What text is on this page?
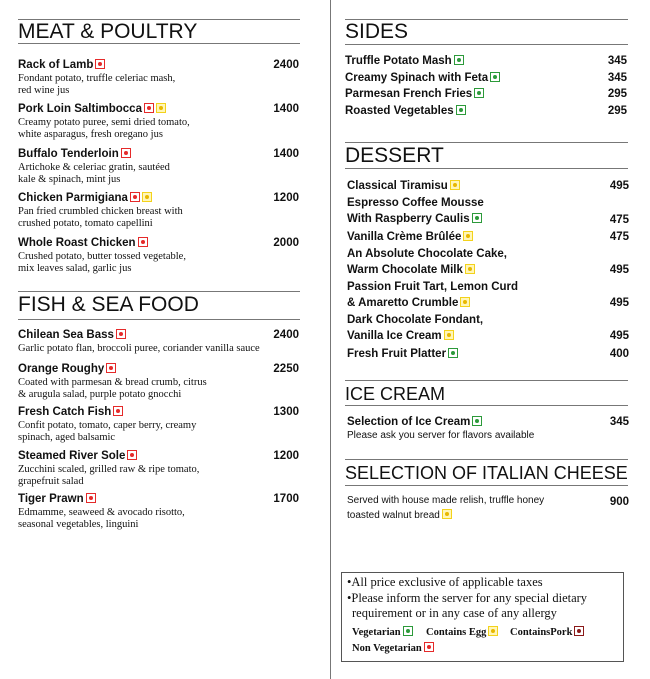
MEAT & POULTRY
Rack of Lamb	2400
Fondant potato, truffle celeriac mash,
red wine jus
Pork Loin Saltimbocca	1400
Creamy potato puree, semi dried tomato,
white asparagus, fresh oregano jus
Buffalo Tenderloin	1400
Artichoke & celeriac gratin, sautéed
kale & spinach, mint jus
Chicken Parmigiana	1200
Pan fried crumbled chicken breast with
crushed potato, tomato capellini
Whole Roast Chicken	2000
Crushed potato, butter tossed vegetable,
mix leaves salad, garlic jus
FISH & SEA FOOD
Chilean Sea Bass	2400
Garlic potato flan, broccoli puree, coriander vanilla sauce
Orange Roughy	2250
Coated with parmesan & bread crumb, citrus
& arugula salad, purple potato gnocchi
Fresh Catch Fish	1300
Confit potato, tomato, caper berry, creamy
spinach, aged balsamic
Steamed River Sole	1200
Zucchini scaled, grilled raw & ripe tomato,
grapefruit salad
Tiger Prawn	1700
Edmamme, seaweed & avocado risotto,
seasonal vegetables, linguini
SIDES
Truffle Potato Mash	345
Creamy Spinach with Feta	345
Parmesan French Fries	295
Roasted Vegetables	295
DESSERT
Classical Tiramisu	495
Espresso Coffee Mousse
With Raspberry Caulis	475
Vanilla Crème Brûlée	475
An Absolute Chocolate Cake,
Warm Chocolate Milk	495
Passion Fruit Tart, Lemon Curd
& Amaretto Crumble	495
Dark Chocolate Fondant,
Vanilla Ice Cream	495
Fresh Fruit Platter	400
ICE CREAM
Selection of Ice Cream	345
Please ask you server for flavors available
SELECTION OF ITALIAN CHEESE
Served with house made relish, truffle honey
toasted walnut bread
900
•All price exclusive of applicable taxes
•Please inform the server for any special dietary
requirement or in any case of any allergy
Vegetarian	Contains Egg	ContainsPork
Non Vegetarian
